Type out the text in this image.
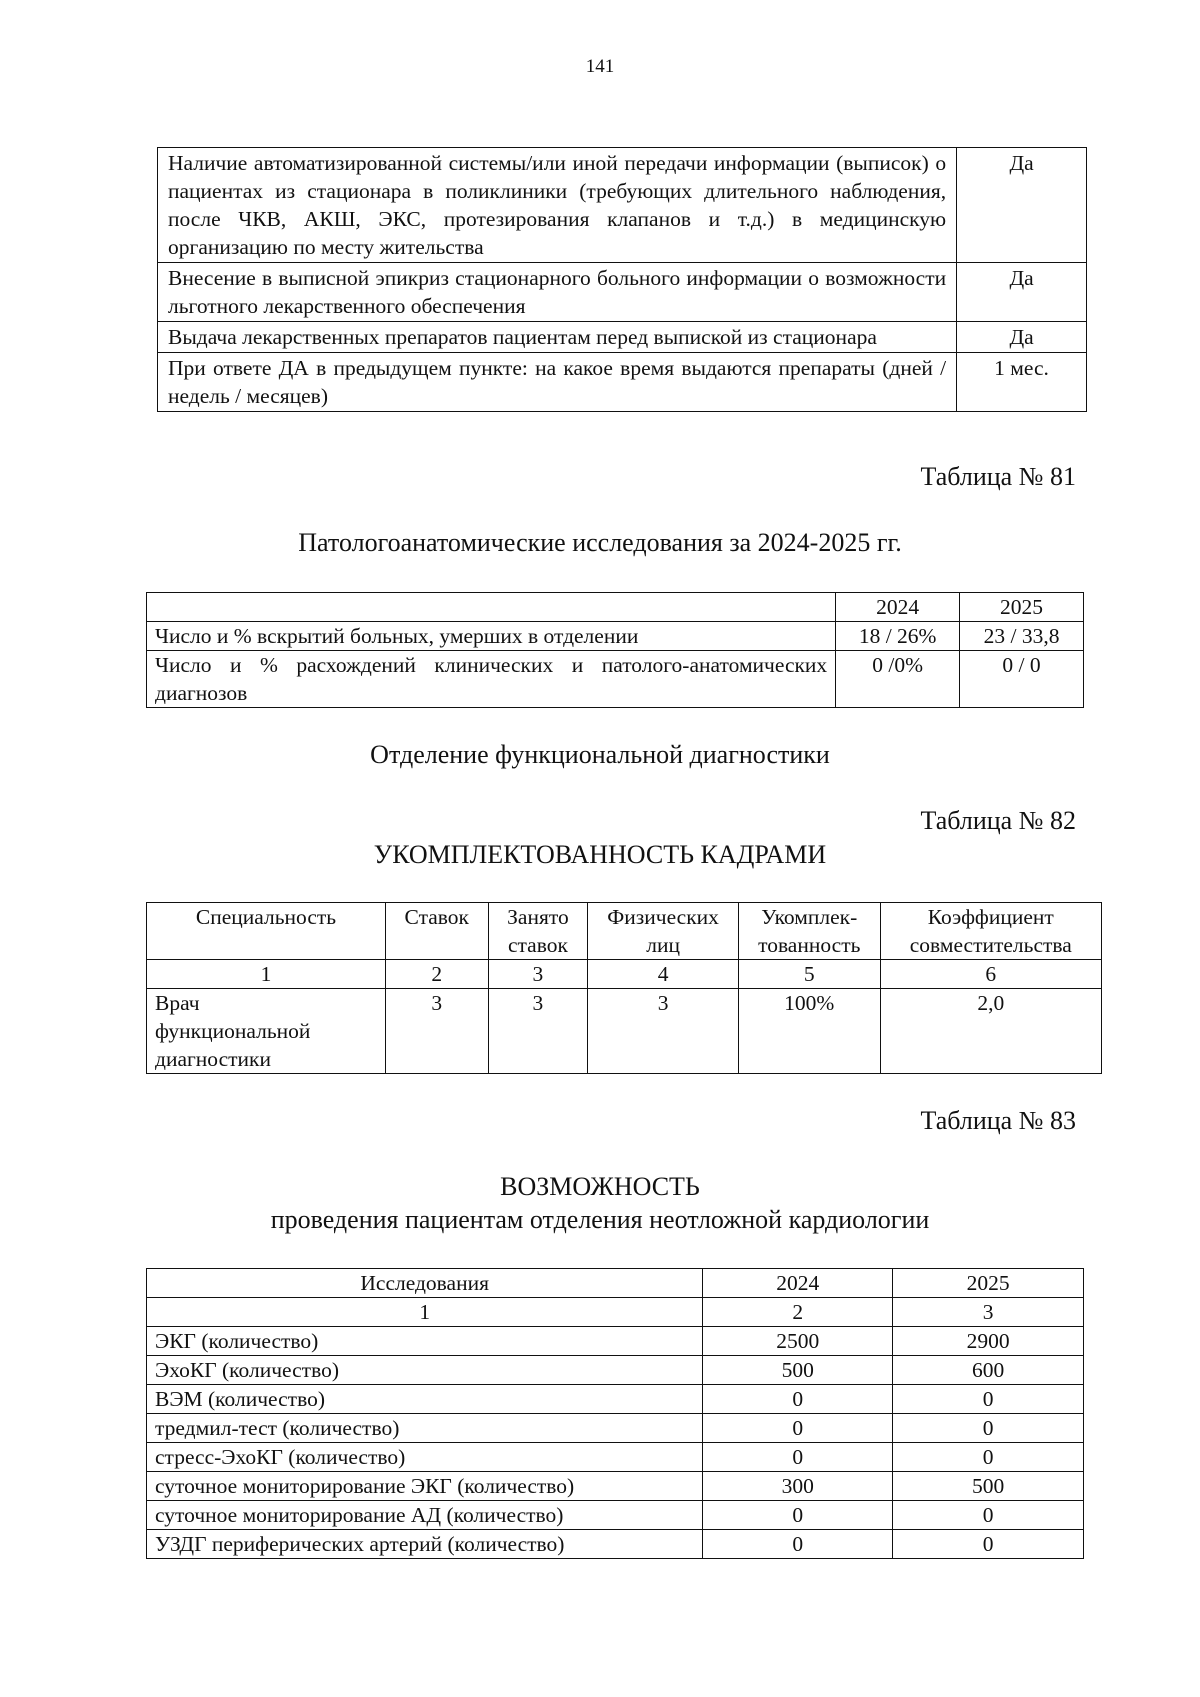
141
Наличие автоматизированной системы/или иной передачи информации (выписок) о пациентах из стационара в поликлиники (требующих длительного наблюдения, после ЧКВ, АКШ, ЭКС, протезирования клапанов и т.д.) в медицинскую организацию по месту жительства	Да
Внесение в выписной эпикриз стационарного больного информации о возможности льготного лекарственного обеспечения	Да
Выдача лекарственных препаратов пациентам перед выпиской из стационара	Да
При ответе ДА в предыдущем пункте: на какое время выдаются препараты (дней / недель / месяцев)	1 мес.
Таблица № 81
Патологоанатомические исследования за 2024-2025 гг.
	2024	2025
Число и % вскрытий больных, умерших в отделении	18 / 26%	23 / 33,8
Число и % расхождений клинических и патолого-анатомических диагнозов	0 /0%	0 / 0
Отделение функциональной диагностики
Таблица № 82
УКОМПЛЕКТОВАННОСТЬ КАДРАМИ
Специальность	Ставок	Занято ставок	Физических лиц	Укомплек-тованность	Коэффициент совместительства
1	2	3	4	5	6
Врач функциональной диагностики	3	3	3	100%	2,0
Таблица № 83
ВОЗМОЖНОСТЬ
проведения пациентам отделения неотложной кардиологии
Исследования	2024	2025
1	2	3
ЭКГ (количество)	2500	2900
ЭхоКГ (количество)	500	600
ВЭМ (количество)	0	0
тредмил-тест (количество)	0	0
стресс-ЭхоКГ (количество)	0	0
суточное мониторирование ЭКГ (количество)	300	500
суточное мониторирование АД (количество)	0	0
УЗДГ периферических артерий (количество)	0	0
